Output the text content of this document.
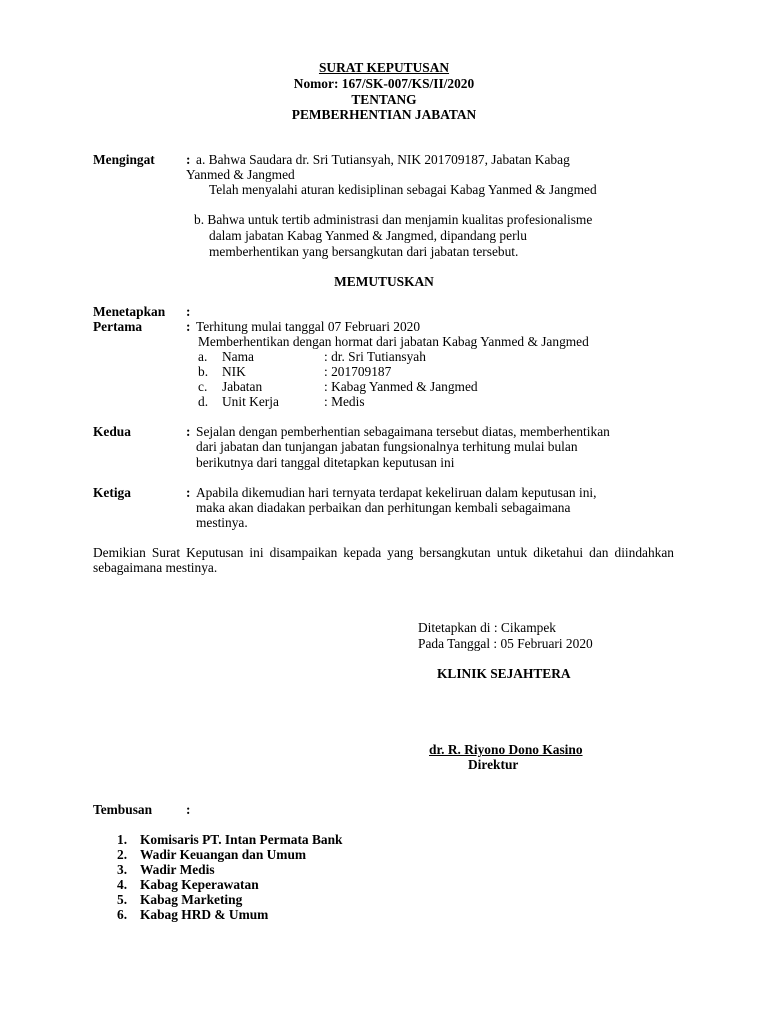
SURAT KEPUTUSAN
Nomor: 167/SK-007/KS/II/2020
TENTANG
PEMBERHENTIAN JABATAN
Mengingat : a. Bahwa Saudara dr. Sri Tutiansyah, NIK 201709187, Jabatan Kabag
Yanmed & Jangmed
Telah menyalahi aturan kedisiplinan sebagai Kabag Yanmed & Jangmed
b. Bahwa untuk tertib administrasi dan menjamin kualitas profesionalisme
dalam jabatan Kabag Yanmed & Jangmed, dipandang perlu
memberhentikan yang bersangkutan dari jabatan tersebut.
MEMUTUSKAN
Menetapkan :
Pertama	: Terhitung mulai tanggal 07 Februari 2020
Memberhentikan dengan hormat dari jabatan Kabag Yanmed & Jangmed
a. Nama	: dr. Sri Tutiansyah
b. NIK	: 201709187
c. Jabatan	: Kabag Yanmed & Jangmed
d. Unit Kerja	: Medis
Kedua	: Sejalan dengan pemberhentian sebagaimana tersebut diatas, memberhentikan
dari jabatan dan tunjangan jabatan fungsionalnya terhitung mulai bulan
berikutnya dari tanggal ditetapkan keputusan ini
Ketiga	: Apabila dikemudian hari ternyata terdapat kekeliruan dalam keputusan ini,
maka akan diadakan perbaikan dan perhitungan kembali sebagaimana
mestinya.
Demikian Surat Keputusan ini disampaikan kepada yang bersangkutan untuk diketahui dan diindahkan sebagaimana mestinya.
Ditetapkan di : Cikampek
Pada Tanggal : 05 Februari 2020
KLINIK SEJAHTERA
dr. R. Riyono Dono Kasino
Direktur
Tembusan	:
1. Komisaris PT. Intan Permata Bank
2. Wadir Keuangan dan Umum
3. Wadir Medis
4. Kabag Keperawatan
5. Kabag Marketing
6. Kabag HRD & Umum
